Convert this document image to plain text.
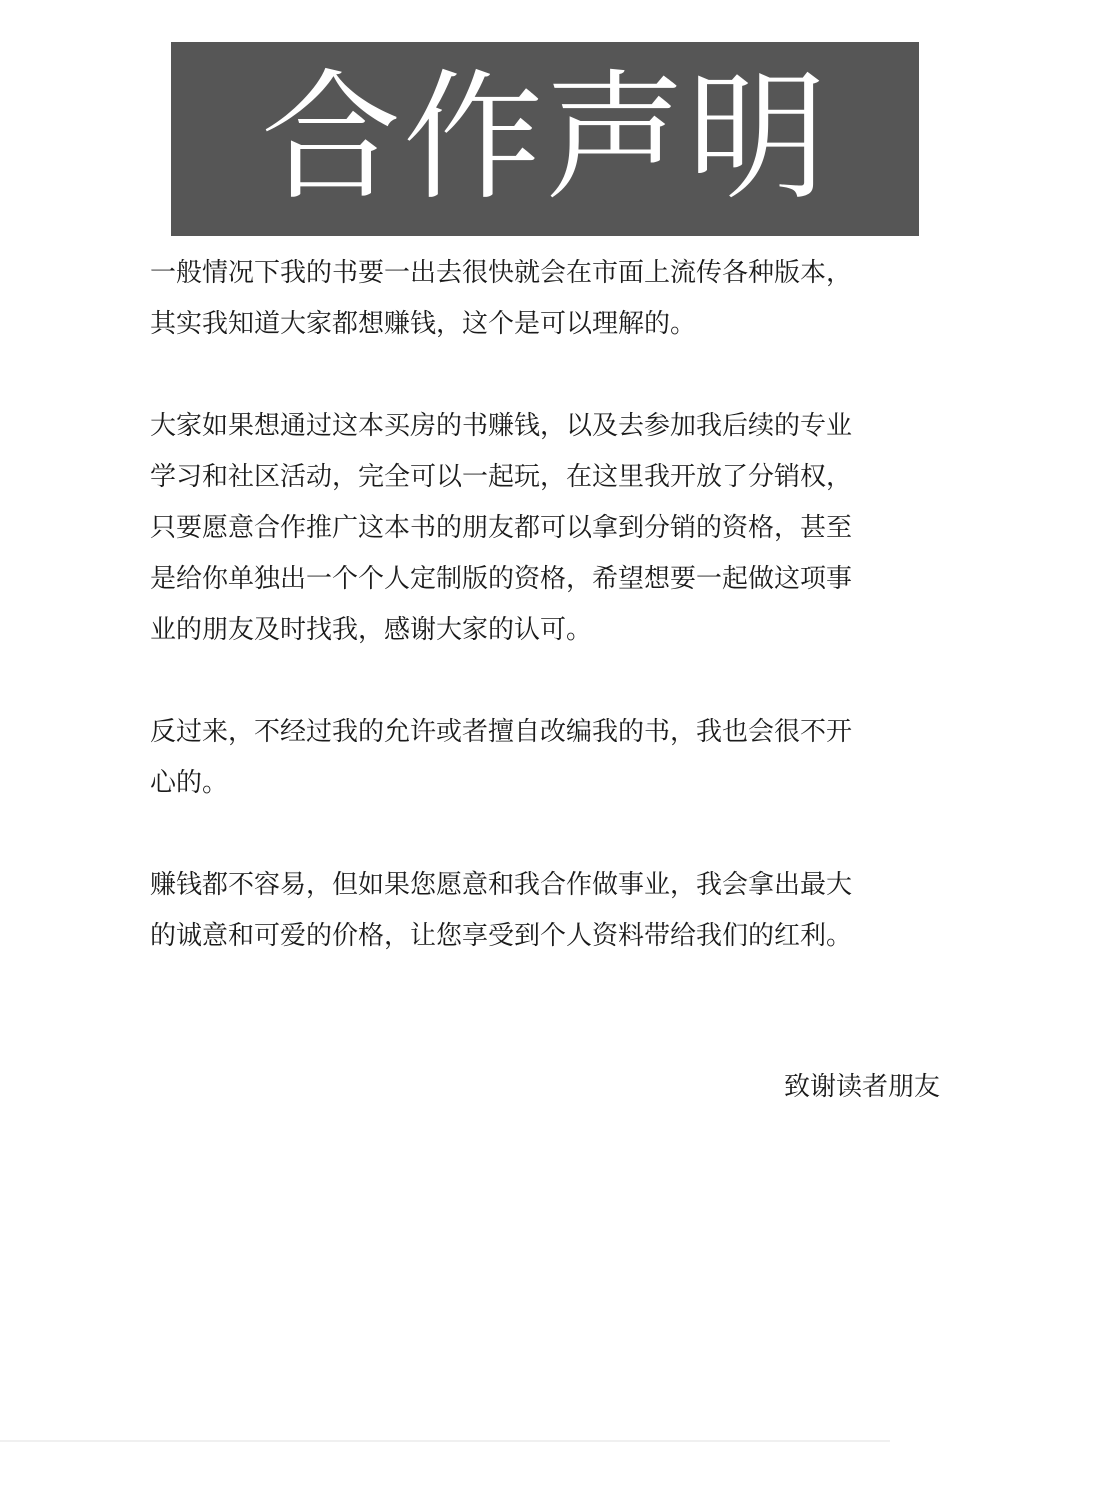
合作声明

一般情况下我的书要一出去很快就会在市面上流传各种版本，
其实我知道大家都想赚钱，这个是可以理解的。

大家如果想通过这本买房的书赚钱，以及去参加我后续的专业
学习和社区活动，完全可以一起玩，在这里我开放了分销权，
只要愿意合作推广这本书的朋友都可以拿到分销的资格，甚至
是给你单独出一个个人定制版的资格，希望想要一起做这项事
业的朋友及时找我，感谢大家的认可。

反过来，不经过我的允许或者擅自改编我的书，我也会很不开
心的。

赚钱都不容易，但如果您愿意和我合作做事业，我会拿出最大
的诚意和可爱的价格，让您享受到个人资料带给我们的红利。

致谢读者朋友
